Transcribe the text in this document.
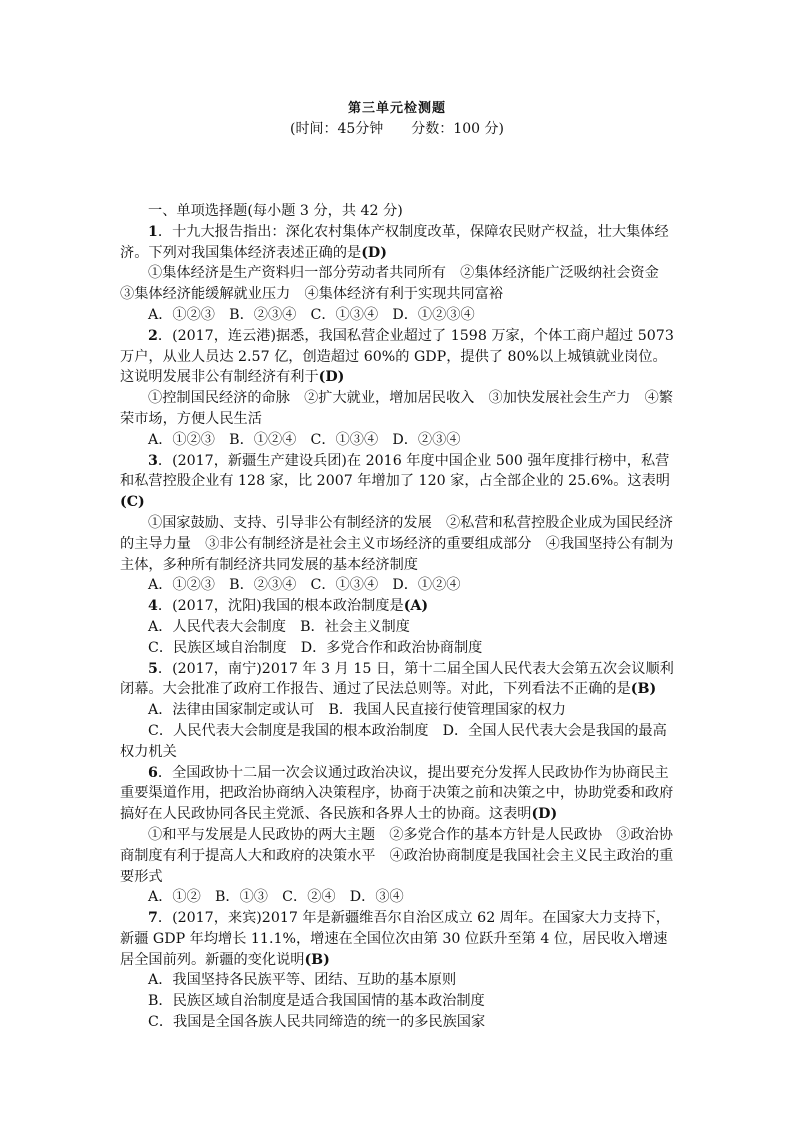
第三单元检测题
(时间：45分钟　　分数：100 分)

一、单项选择题(每小题 3 分，共 42 分)

1．十九大报告指出：深化农村集体产权制度改革，保障农民财产权益，壮大集体经济。下列对我国集体经济表述正确的是(D)

①集体经济是生产资料归一部分劳动者共同所有　②集体经济能广泛吸纳社会资金　③集体经济能缓解就业压力　④集体经济有利于实现共同富裕

A．①②③　B．②③④　C．①③④　D．①②③④

2．(2017，连云港)据悉，我国私营企业超过了 1598 万家，个体工商户超过 5073 万户，从业人员达 2.57 亿，创造超过 60%的 GDP，提供了 80%以上城镇就业岗位。这说明发展非公有制经济有利于(D)

①控制国民经济的命脉　②扩大就业，增加居民收入　③加快发展社会生产力　④繁荣市场，方便人民生活

A．①②③　B．①②④　C．①③④　D．②③④

3．(2017，新疆生产建设兵团)在 2016 年度中国企业 500 强年度排行榜中，私营和私营控股企业有 128 家，比 2007 年增加了 120 家，占全部企业的 25.6%。这表明(C)

①国家鼓励、支持、引导非公有制经济的发展　②私营和私营控股企业成为国民经济的主导力量　③非公有制经济是社会主义市场经济的重要组成部分　④我国坚持公有制为主体，多种所有制经济共同发展的基本经济制度

A．①②③　B．②③④　C．①③④　D．①②④

4．(2017，沈阳)我国的根本政治制度是(A)

A．人民代表大会制度　B．社会主义制度

C．民族区域自治制度　D．多党合作和政治协商制度

5．(2017，南宁)2017 年 3 月 15 日，第十二届全国人民代表大会第五次会议顺利闭幕。大会批准了政府工作报告、通过了民法总则等。对此，下列看法不正确的是(B)

A．法律由国家制定或认可　B．我国人民直接行使管理国家的权力

C．人民代表大会制度是我国的根本政治制度　D．全国人民代表大会是我国的最高权力机关

6．全国政协十二届一次会议通过政治决议，提出要充分发挥人民政协作为协商民主重要渠道作用，把政治协商纳入决策程序，协商于决策之前和决策之中，协助党委和政府搞好在人民政协同各民主党派、各民族和各界人士的协商。这表明(D)

①和平与发展是人民政协的两大主题　②多党合作的基本方针是人民政协　③政治协商制度有利于提高人大和政府的决策水平　④政治协商制度是我国社会主义民主政治的重要形式

A．①②　B．①③　C．②④　D．③④

7．(2017，来宾)2017 年是新疆维吾尔自治区成立 62 周年。在国家大力支持下，新疆 GDP 年均增长 11.1%，增速在全国位次由第 30 位跃升至第 4 位，居民收入增速居全国前列。新疆的变化说明(B)

A．我国坚持各民族平等、团结、互助的基本原则

B．民族区域自治制度是适合我国国情的基本政治制度

C．我国是全国各族人民共同缔造的统一的多民族国家
